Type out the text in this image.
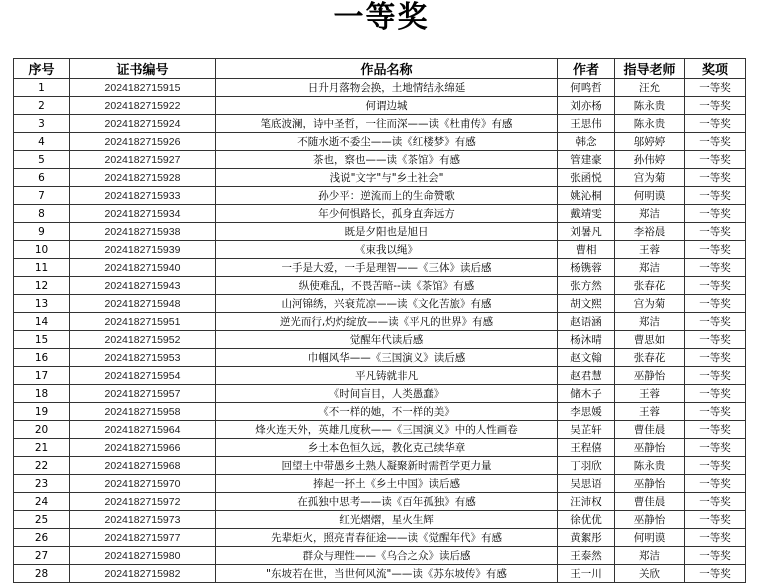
一等奖
序号	证书编号	作品名称	作者	指导老师	奖项
1	2024182715915	日升月落物会换，土地情结永绵延	何鸣哲	汪允	一等奖
2	2024182715922	何谓边城	刘亦杨	陈永贵	一等奖
3	2024182715924	笔底波澜，诗中圣哲，一往而深——读《杜甫传》有感	王思伟	陈永贵	一等奖
4	2024182715926	不随水逝不委尘——读《红楼梦》有感	韩念	邬婷婷	一等奖
5	2024182715927	茶也，察也——读《茶馆》有感	管建豪	孙伟婷	一等奖
6	2024182715928	浅说"文字"与"乡土社会"	张函悦	宫为菊	一等奖
7	2024182715933	孙少平：逆流而上的生命赞歌	姚沁桐	何明谟	一等奖
8	2024182715934	年少何惧路长，孤身直奔远方	戴靖雯	郑洁	一等奖
9	2024182715938	既是夕阳也是旭日	刘暑凡	李裕晨	一等奖
10	2024182715939	《束我以绳》	曹相	王蓉	一等奖
11	2024182715940	一手是大爱，一手是理智——《三体》读后感	杨镌蓉	郑洁	一等奖
12	2024182715943	纵使难乱，不畏苦暗--读《茶馆》有感	张方然	张春花	一等奖
13	2024182715948	山河锦绣，兴衰荒凉——读《文化苦旅》有感	胡文熙	宫为菊	一等奖
14	2024182715951	逆光而行,灼灼绽放——读《平凡的世界》有感	赵语涵	郑洁	一等奖
15	2024182715952	觉醒年代读后感	杨沐晴	曹思如	一等奖
16	2024182715953	巾帼风华——《三国演义》读后感	赵文翰	张春花	一等奖
17	2024182715954	平凡铸就非凡	赵君慧	巫静怡	一等奖
18	2024182715957	《时间盲目，人类愚蠢》	储木子	王蓉	一等奖
19	2024182715958	《不一样的她，不一样的美》	李思媛	王蓉	一等奖
20	2024182715964	烽火连天外，英雄几度秋——《三国演义》中的人性画卷	吴芷轩	曹佳晨	一等奖
21	2024182715966	乡土本色恒久远，教化克己续华章	王程僖	巫静怡	一等奖
22	2024182715968	回望土中带愚乡土熟人凝聚新时需哲学更力量	丁羽欣	陈永贵	一等奖
23	2024182715970	捧起一抔土《乡土中国》读后感	吴思语	巫静怡	一等奖
24	2024182715972	在孤独中思考——读《百年孤独》有感	汪沛权	曹佳晨	一等奖
25	2024182715973	红光熠熠，星火生辉	徐优优	巫静怡	一等奖
26	2024182715977	先辈炬火，照亮青春征途——读《觉醒年代》有感	黄絮彤	何明谟	一等奖
27	2024182715980	群众与理性——《乌合之众》读后感	王泰然	郑洁	一等奖
28	2024182715982	"东坡若在世，当世何风流"——读《苏东坡传》有感	王一川	关欣	一等奖
